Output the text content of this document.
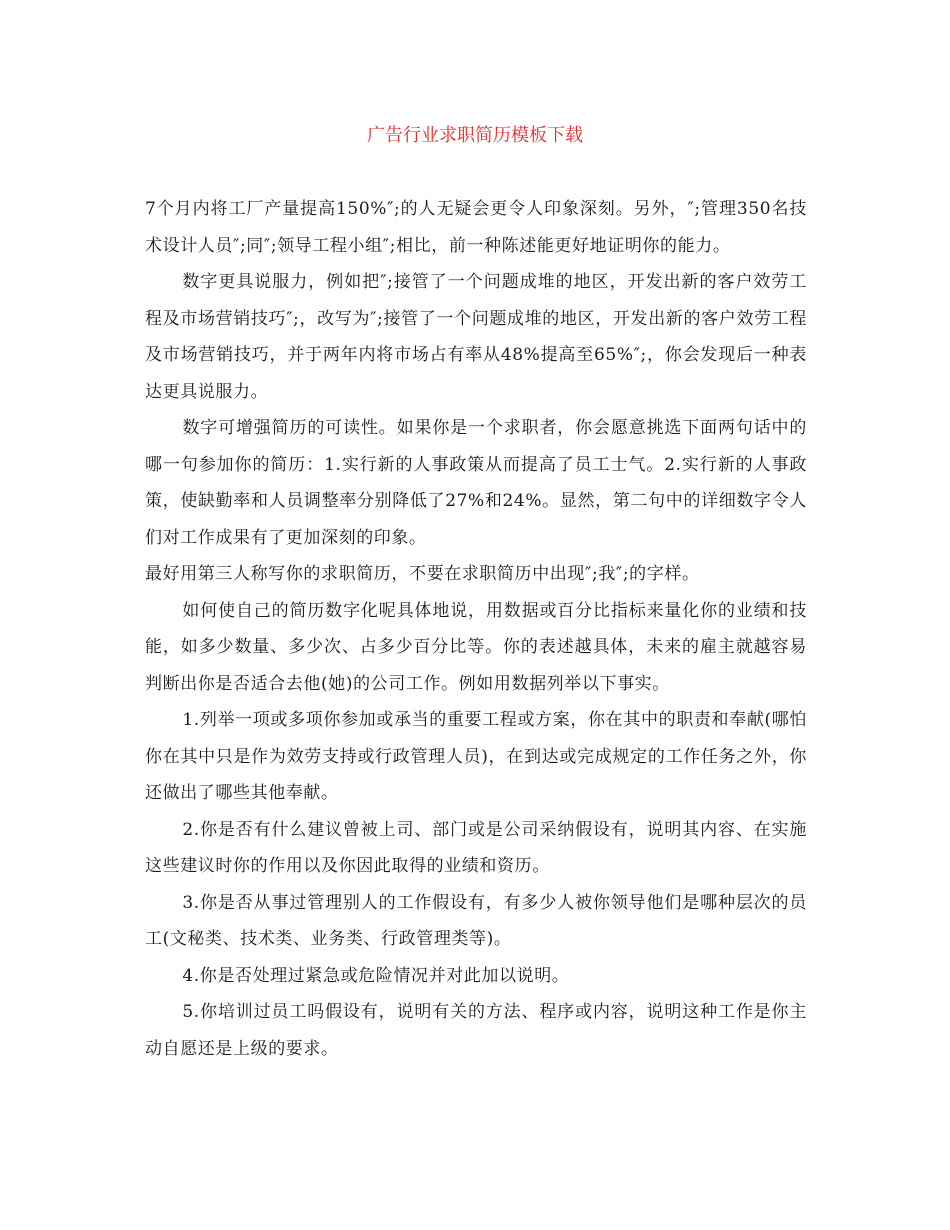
广告行业求职简历模板下载

7个月内将工厂产量提高150%″;的人无疑会更令人印象深刻。另外，″;管理350名技术设计人员″;同″;领导工程小组″;相比，前一种陈述能更好地证明你的能力。

数字更具说服力，例如把″;接管了一个问题成堆的地区，开发出新的客户效劳工程及市场营销技巧″;，改写为″;接管了一个问题成堆的地区，开发出新的客户效劳工程及市场营销技巧，并于两年内将市场占有率从48%提高至65%″;，你会发现后一种表达更具说服力。

数字可增强简历的可读性。如果你是一个求职者，你会愿意挑选下面两句话中的哪一句参加你的简历：1.实行新的人事政策从而提高了员工士气。2.实行新的人事政策，使缺勤率和人员调整率分别降低了27%和24%。显然，第二句中的详细数字令人们对工作成果有了更加深刻的印象。

最好用第三人称写你的求职简历，不要在求职简历中出现″;我″;的字样。

如何使自己的简历数字化呢具体地说，用数据或百分比指标来量化你的业绩和技能，如多少数量、多少次、占多少百分比等。你的表述越具体，未来的雇主就越容易判断出你是否适合去他(她)的公司工作。例如用数据列举以下事实。

1.列举一项或多项你参加或承当的重要工程或方案，你在其中的职责和奉献(哪怕你在其中只是作为效劳支持或行政管理人员)，在到达或完成规定的工作任务之外，你还做出了哪些其他奉献。

2.你是否有什么建议曾被上司、部门或是公司采纳假设有，说明其内容、在实施这些建议时你的作用以及你因此取得的业绩和资历。

3.你是否从事过管理别人的工作假设有，有多少人被你领导他们是哪种层次的员工(文秘类、技术类、业务类、行政管理类等)。

4.你是否处理过紧急或危险情况并对此加以说明。

5.你培训过员工吗假设有，说明有关的方法、程序或内容，说明这种工作是你主动自愿还是上级的要求。
